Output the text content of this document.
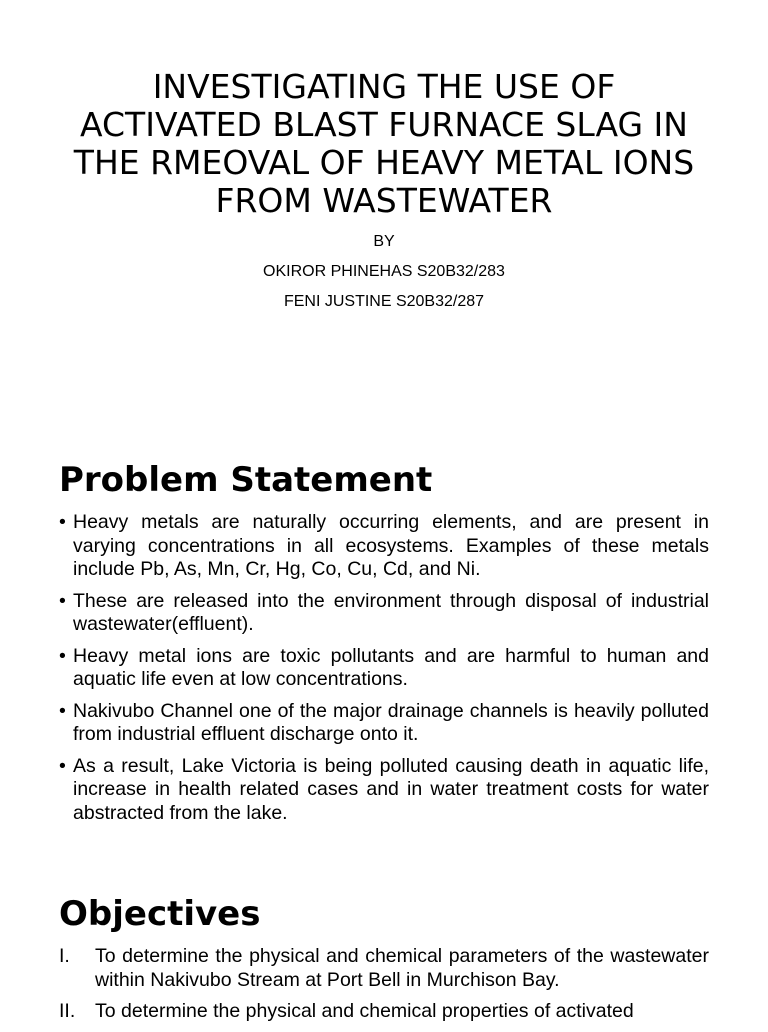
INVESTIGATING THE USE OF ACTIVATED BLAST FURNACE SLAG IN THE RMEOVAL OF HEAVY METAL IONS FROM WASTEWATER

BY

OKIROR PHINEHAS S20B32/283

FENI JUSTINE S20B32/287

Problem Statement
• Heavy metals are naturally occurring elements, and are present in varying concentrations in all ecosystems. Examples of these metals include Pb, As, Mn, Cr, Hg, Co, Cu, Cd, and Ni.
• These are released into the environment through disposal of industrial wastewater(effluent).
• Heavy metal ions are toxic pollutants and are harmful to human and aquatic life even at low concentrations.
• Nakivubo Channel one of the major drainage channels is heavily polluted from industrial effluent discharge onto it.
• As a result, Lake Victoria is being polluted causing death in aquatic life, increase in health related cases and in water treatment costs for water abstracted from the lake.
Objectives
I. To determine the physical and chemical parameters of the wastewater within Nakivubo Stream at Port Bell in Murchison Bay.
II. To determine the physical and chemical properties of activated
